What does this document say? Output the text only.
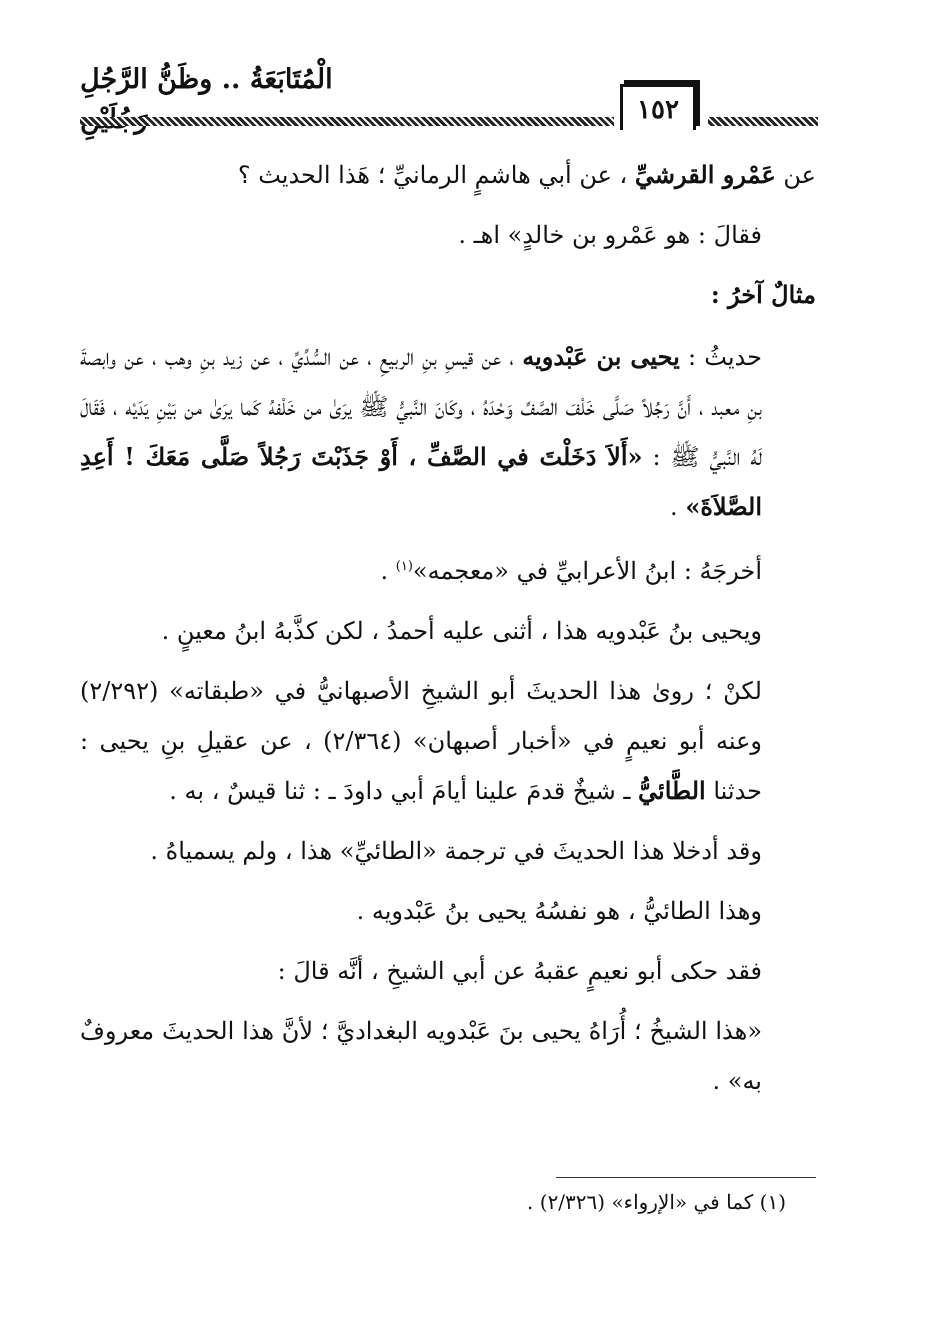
الْمُتَابَعَةُ .. وظَنُّ الرَّجُلِ
١٥٢

عن عَمْرو القرشيِّ ، عن أبي هاشمٍ الرمانيِّ ؛ هَذا الحديث ؟

فقالَ : هو عَمْرو بن خالدٍ» اهـ .

مثالٌ آخرُ :

حديثُ : يحيى بن عَبْدويه ، عن قيسِ بنِ الربيعِ ، عن السُّدِّيِّ ، عن زيد بنِ وهب ، عن وابصةَ بنِ معبد ، أَنَّ رَجُلاً صَلَّى خَلْفَ الصَّفِّ وَحْدَهُ ، وكَانَ النَّبيُّ ﷺ يرَىٰ من خَلْفهُ كَما يرَىٰ من بَيْنِ يَدَيْه ، فَقَالَ لَهُ النَّبيُّ ﷺ : «أَلاَ دَخَلْتَ في الصَّفِّ ، أَوْ جَذَبْتَ رَجُلاً صَلَّى مَعَكَ ! أَعِدِ الصَّلاَةَ» .

أخرجَهُ : ابنُ الأعرابيِّ في «معجمه»$^{(١)}$ .

ويحيى بنُ عَبْدويه هذا ، أثنى عليه أحمدُ ، لكن كذَّبهُ ابنُ معينٍ .

لكنْ ؛ روىٰ هذا الحديثَ أبو الشيخِ الأصبهانيُّ في «طبقاته» (٢/٢٩٢) وعنه أبو نعيمٍ في «أخبار أصبهان» (٢/٣٦٤) ، عن عقيلِ بنِ يحيى : حدثنا الطَّائيُّ ـ شيخٌ قدمَ علينا أيامَ أبي داودَ ـ : ثنا قيسٌ ، به .

وقد أدخلا هذا الحديثَ في ترجمة «الطائيِّ» هذا ، ولم يسمياهُ .

وهذا الطائيُّ ، هو نفسُهُ يحيى بنُ عَبْدويه .

فقد حكى أبو نعيمٍ عقبهُ عن أبي الشيخِ ، أنَّه قالَ :

«هذا الشيخُ ؛ أُرَاهُ يحيى بنَ عَبْدويه البغداديَّ ؛ لأنَّ هذا الحديثَ معروفٌ به» .

(١) كما في «الإرواء» (٢/٣٢٦) .
